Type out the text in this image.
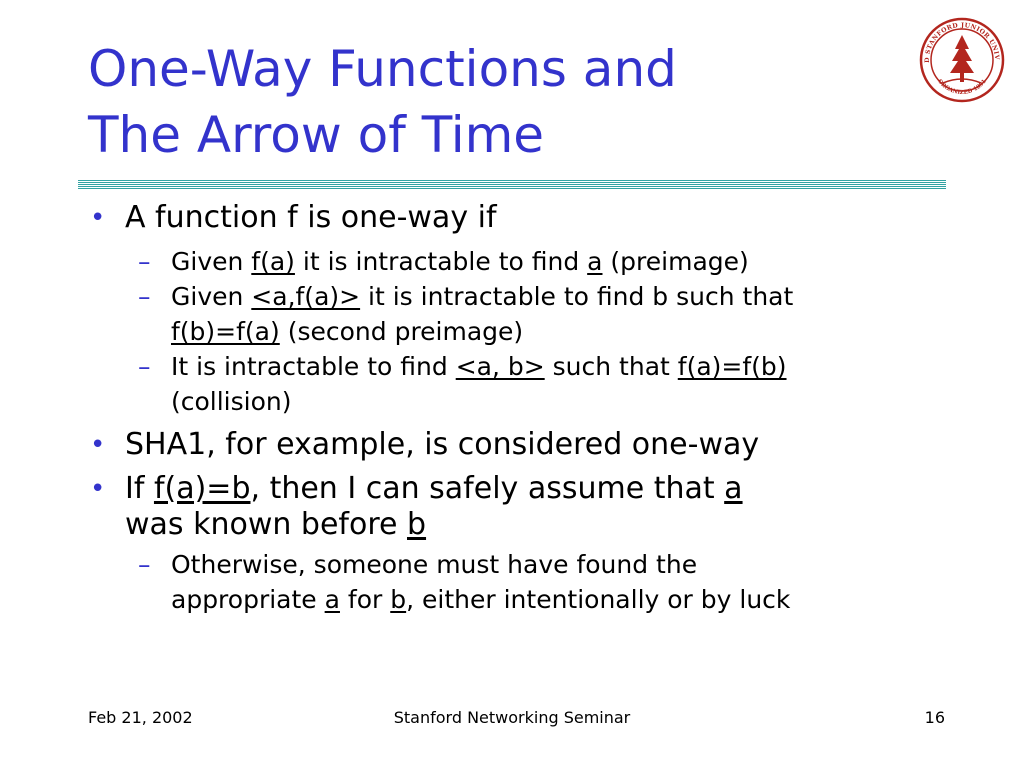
One-Way Functions and
The Arrow of Time
D STANFORD JUNIOR UNIV
ORGANIZED 1891
• A function f is one-way if
– Given f(a) it is intractable to find a (preimage)
– Given <a,f(a)> it is intractable to find b such that
f(b)=f(a) (second preimage)
– It is intractable to find <a, b> such that f(a)=f(b)
(collision)
• SHA1, for example, is considered one-way
• If f(a)=b, then I can safely assume that a
was known before b
– Otherwise, someone must have found the
appropriate a for b, either intentionally or by luck
Feb 21, 2002	Stanford Networking Seminar	16
